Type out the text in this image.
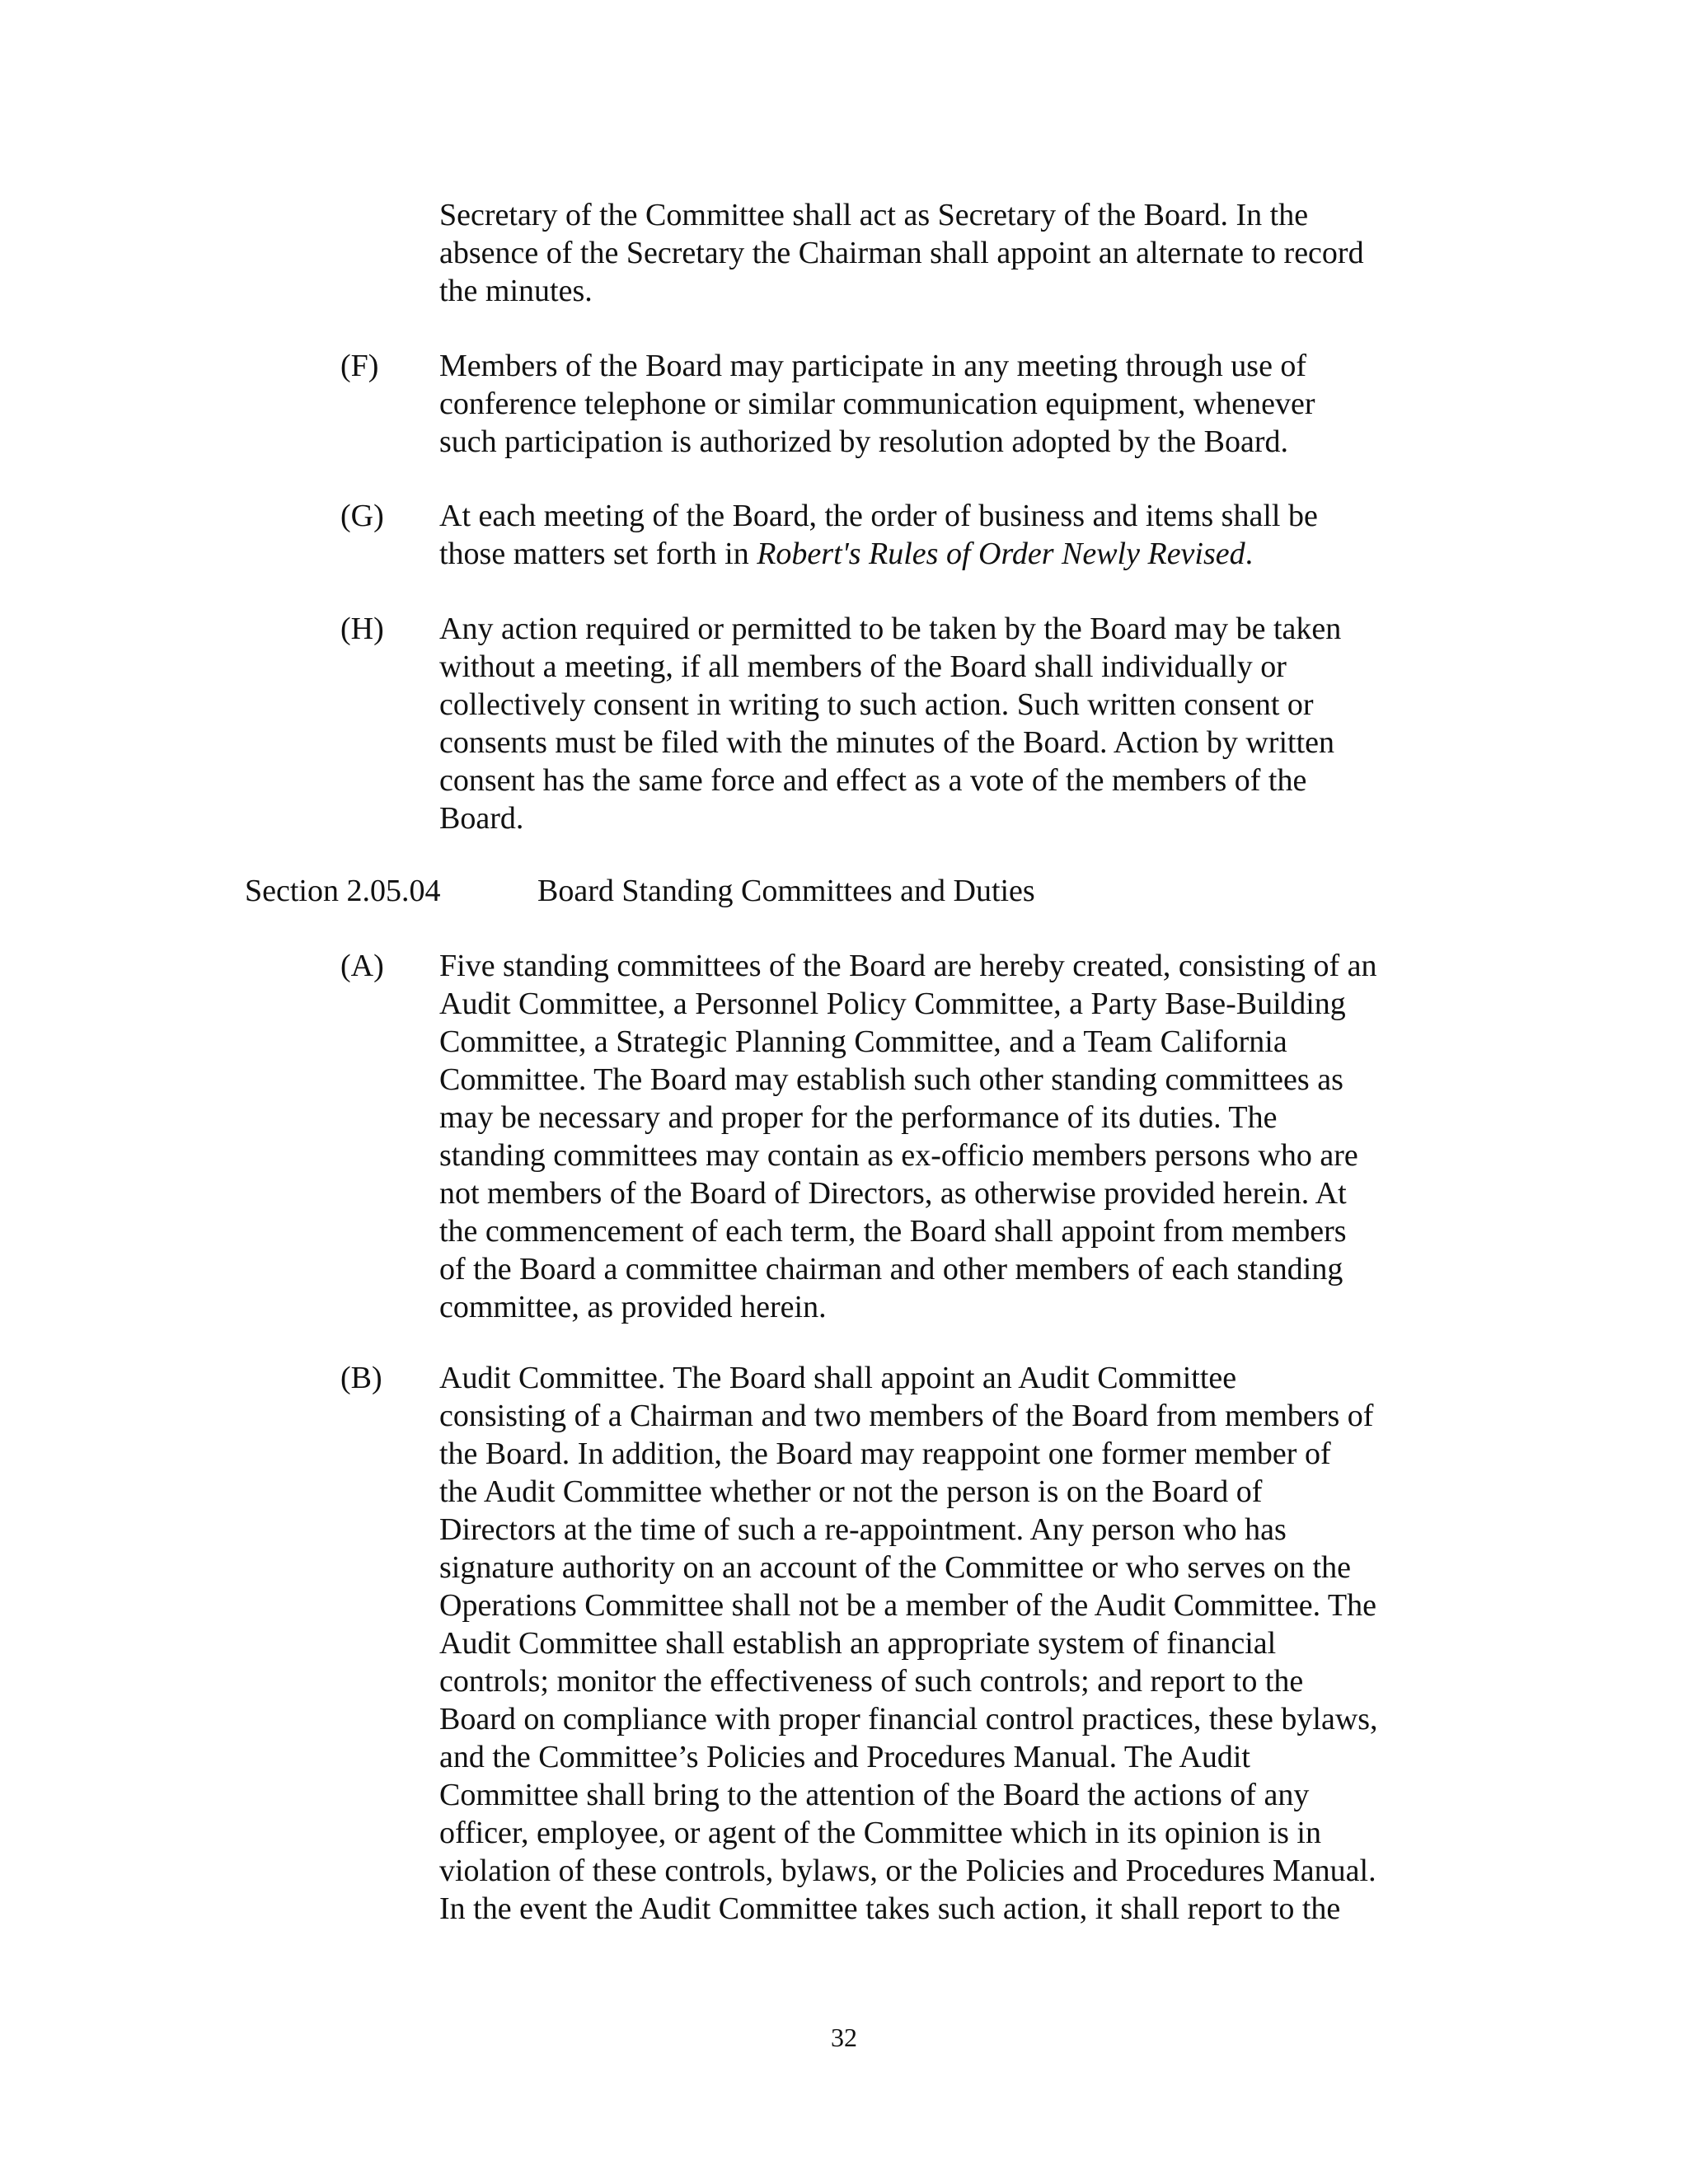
Secretary of the Committee shall act as Secretary of the Board. In the
absence of the Secretary the Chairman shall appoint an alternate to record
the minutes.
(F) Members of the Board may participate in any meeting through use of
conference telephone or similar communication equipment, whenever
such participation is authorized by resolution adopted by the Board.
(G) At each meeting of the Board, the order of business and items shall be
those matters set forth in Robert's Rules of Order Newly Revised.
(H) Any action required or permitted to be taken by the Board may be taken
without a meeting, if all members of the Board shall individually or
collectively consent in writing to such action. Such written consent or
consents must be filed with the minutes of the Board. Action by written
consent has the same force and effect as a vote of the members of the
Board.
Section 2.05.04	Board Standing Committees and Duties
(A) Five standing committees of the Board are hereby created, consisting of an
Audit Committee, a Personnel Policy Committee, a Party Base-Building
Committee, a Strategic Planning Committee, and a Team California
Committee. The Board may establish such other standing committees as
may be necessary and proper for the performance of its duties. The
standing committees may contain as ex-officio members persons who are
not members of the Board of Directors, as otherwise provided herein. At
the commencement of each term, the Board shall appoint from members
of the Board a committee chairman and other members of each standing
committee, as provided herein.
(B) Audit Committee. The Board shall appoint an Audit Committee
consisting of a Chairman and two members of the Board from members of
the Board. In addition, the Board may reappoint one former member of
the Audit Committee whether or not the person is on the Board of
Directors at the time of such a re-appointment. Any person who has
signature authority on an account of the Committee or who serves on the
Operations Committee shall not be a member of the Audit Committee. The
Audit Committee shall establish an appropriate system of financial
controls; monitor the effectiveness of such controls; and report to the
Board on compliance with proper financial control practices, these bylaws,
and the Committee’s Policies and Procedures Manual. The Audit
Committee shall bring to the attention of the Board the actions of any
officer, employee, or agent of the Committee which in its opinion is in
violation of these controls, bylaws, or the Policies and Procedures Manual.
In the event the Audit Committee takes such action, it shall report to the
32
